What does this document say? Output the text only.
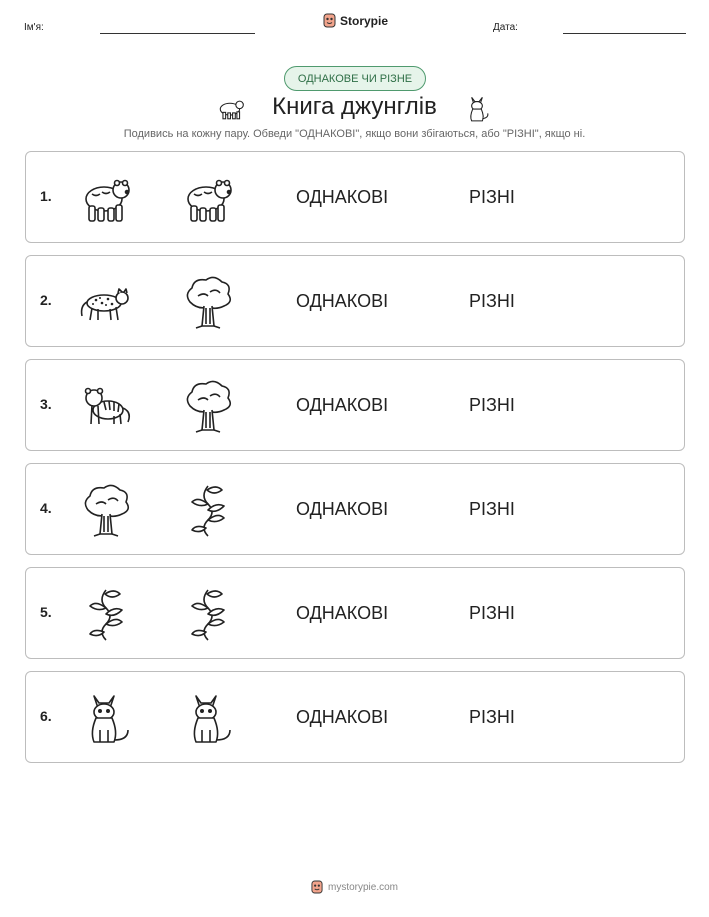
Ім'я:	Storypie	Дата:
ОДНАКОВЕ ЧИ РІЗНЕ
Книга джунглів
Подивись на кожну пару. Обведи "ОДНАКОВІ", якщо вони збігаються, або "РІЗНІ", якщо ні.
1.	ОДНАКОВІ	РІЗНІ
2.	ОДНАКОВІ	РІЗНІ
3.	ОДНАКОВІ	РІЗНІ
4.	ОДНАКОВІ	РІЗНІ
5.	ОДНАКОВІ	РІЗНІ
6.	ОДНАКОВІ	РІЗНІ
mystorypie.com
